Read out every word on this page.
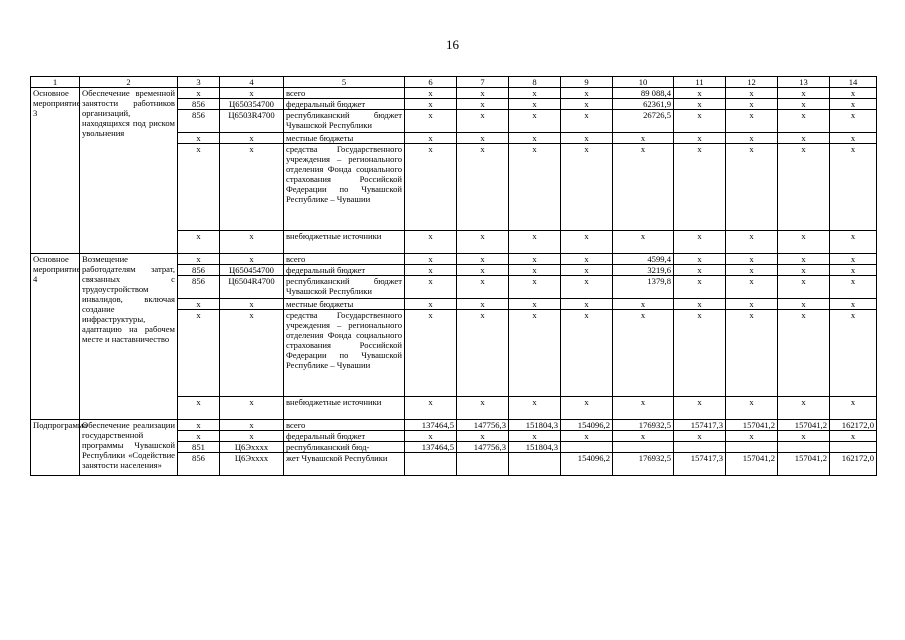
16
1	2	3	4	5	6	7	8	9	10	11	12	13	14
Основное мероприятие 3	Обеспечение временной занятости работников организаций, находящихся под риском увольнения	x	x	всего	x	x	x	x	89 088,4	x	x	x	x
		856	Ц650354700	федеральный бюджет	x	x	x	x	62361,9	x	x	x	x
		856	Ц6503R4700	республиканский бюджет Чувашской Республики	x	x	x	x	26726,5	x	x	x	x
		x	x	местные бюджеты	x	x	x	x	x	x	x	x	x
		x	x	средства Государственного учреждения – регионального отделения Фонда социального страхования Российской Федерации по Чувашской Республике – Чувашии	x	x	x	x	x	x	x	x	x
		x	x	внебюджетные источники	x	x	x	x	x	x	x	x	x
Основное мероприятие 4	Возмещение работодателям затрат, связанных с трудоустройством инвалидов, включая создание инфраструктуры, адаптацию на рабочем месте и наставничество	x	x	всего	x	x	x	x	4599,4	x	x	x	x
		856	Ц650454700	федеральный бюджет	x	x	x	x	3219,6	x	x	x	x
		856	Ц6504R4700	республиканский бюджет Чувашской Республики	x	x	x	x	1379,8	x	x	x	x
		x	x	местные бюджеты	x	x	x	x	x	x	x	x	x
		x	x	средства Государственного учреждения – регионального отделения Фонда социального страхования Российской Федерации по Чувашской Республике – Чувашии	x	x	x	x	x	x	x	x	x
		x	x	внебюджетные источники	x	x	x	x	x	x	x	x	x
Подпрограмма	Обеспечение реализации государственной программы Чувашской Республики «Содействие занятости населения»	x	x	всего	137464,5	147756,3	151804,3	154096,2	176932,5	157417,3	157041,2	157041,2	162172,0
		x	x	федеральный бюджет	x	x	x	x	x	x	x	x	x
		851	Ц6Эxxxx	республиканский бюд-	137464,5	147756,3	151804,3						
		856	Ц6Эxxxx	жет Чувашской Республики				154096,2	176932,5	157417,3	157041,2	157041,2	162172,0
